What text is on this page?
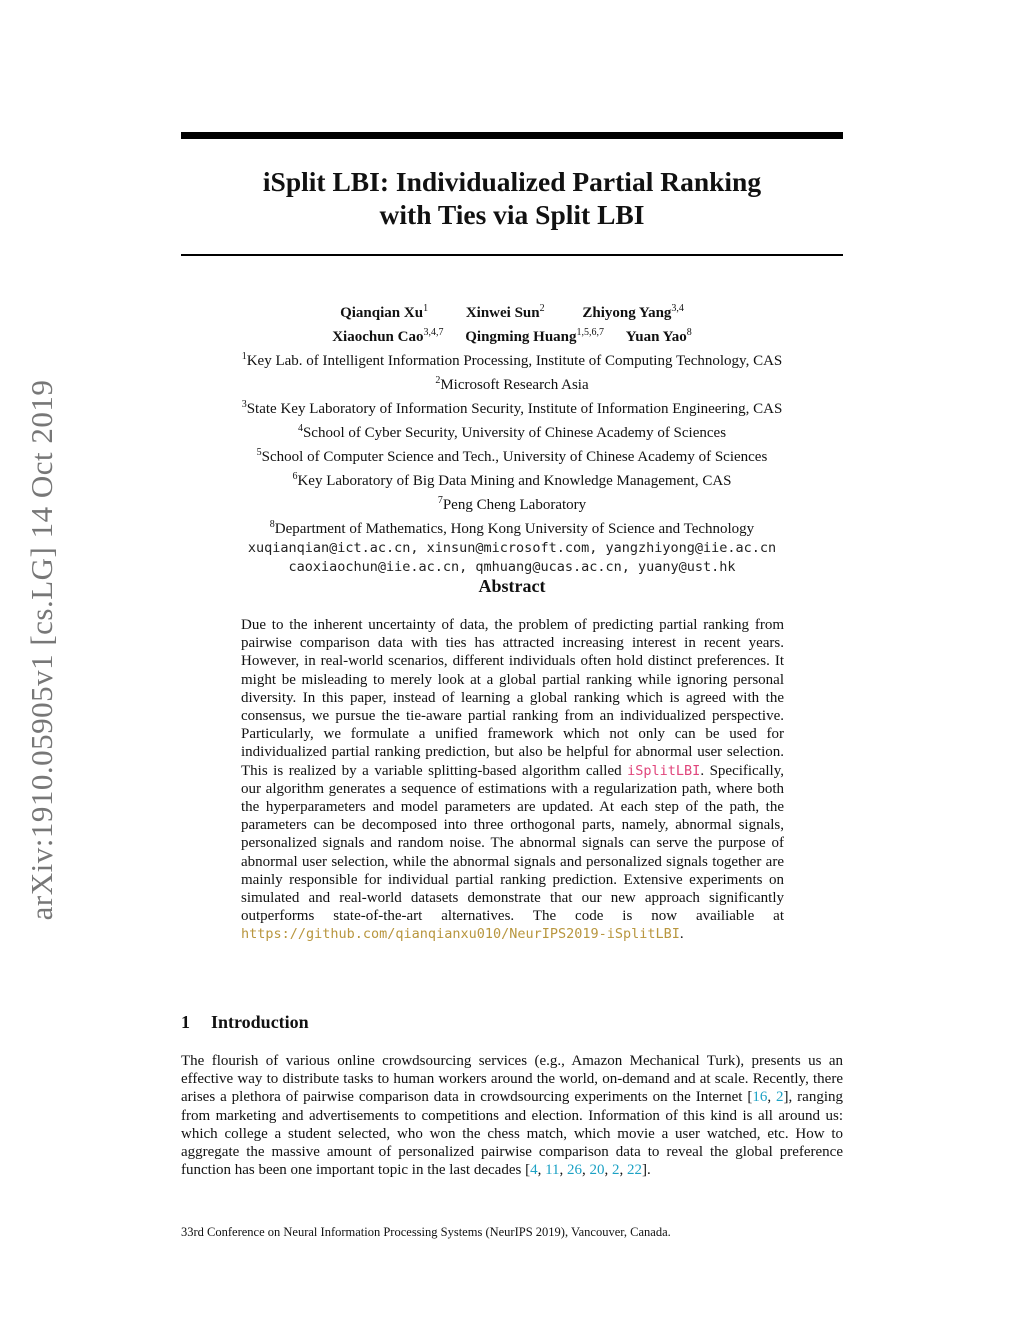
arXiv:1910.05905v1 [cs.LG] 14 Oct 2019
iSplit LBI: Individualized Partial Ranking
with Ties via Split LBI
Qianqian Xu$^1$	Xinwei Sun$^2$	Zhiyong Yang$^{3,4}$
Xiaochun Cao$^{3,4,7}$ Qingming Huang$^{1,5,6,7}$ Yuan Yao$^8$
$^1$Key Lab. of Intelligent Information Processing, Institute of Computing Technology, CAS
$^2$Microsoft Research Asia
$^3$State Key Laboratory of Information Security, Institute of Information Engineering, CAS
$^4$School of Cyber Security, University of Chinese Academy of Sciences
$^5$School of Computer Science and Tech., University of Chinese Academy of Sciences
$^6$Key Laboratory of Big Data Mining and Knowledge Management, CAS
$^7$Peng Cheng Laboratory
$^8$Department of Mathematics, Hong Kong University of Science and Technology
xuqianqian@ict.ac.cn, xinsun@microsoft.com, yangzhiyong@iie.ac.cn
caoxiaochun@iie.ac.cn, qmhuang@ucas.ac.cn, yuany@ust.hk
Abstract
Due to the inherent uncertainty of data, the problem of predicting partial ranking from pairwise comparison data with ties has attracted increasing interest in recent years. However, in real-world scenarios, different individuals often hold distinct preferences. It might be misleading to merely look at a global partial ranking while ignoring personal diversity. In this paper, instead of learning a global ranking which is agreed with the consensus, we pursue the tie-aware partial ranking from an individualized perspective. Particularly, we formulate a unified framework which not only can be used for individualized partial ranking prediction, but also be helpful for abnormal user selection. This is realized by a variable splitting-based algorithm called iSplitLBI. Specifically, our algorithm generates a sequence of estimations with a regularization path, where both the hyperparameters and model parameters are updated. At each step of the path, the parameters can be decomposed into three orthogonal parts, namely, abnormal signals, personalized signals and random noise. The abnormal signals can serve the purpose of abnormal user selection, while the abnormal signals and personalized signals together are mainly responsible for individual partial ranking prediction. Extensive experiments on simulated and real-world datasets demonstrate that our new approach significantly outperforms state-of-the-art alternatives. The code is now availiable at https://github.com/qianqianxu010/NeurIPS2019-iSplitLBI.
1 Introduction
The flourish of various online crowdsourcing services (e.g., Amazon Mechanical Turk), presents us an effective way to distribute tasks to human workers around the world, on-demand and at scale. Recently, there arises a plethora of pairwise comparison data in crowdsourcing experiments on the Internet [16, 2], ranging from marketing and advertisements to competitions and election. Information of this kind is all around us: which college a student selected, who won the chess match, which movie a user watched, etc. How to aggregate the massive amount of personalized pairwise comparison data to reveal the global preference function has been one important topic in the last decades [4, 11, 26, 20, 2, 22].
33rd Conference on Neural Information Processing Systems (NeurIPS 2019), Vancouver, Canada.
